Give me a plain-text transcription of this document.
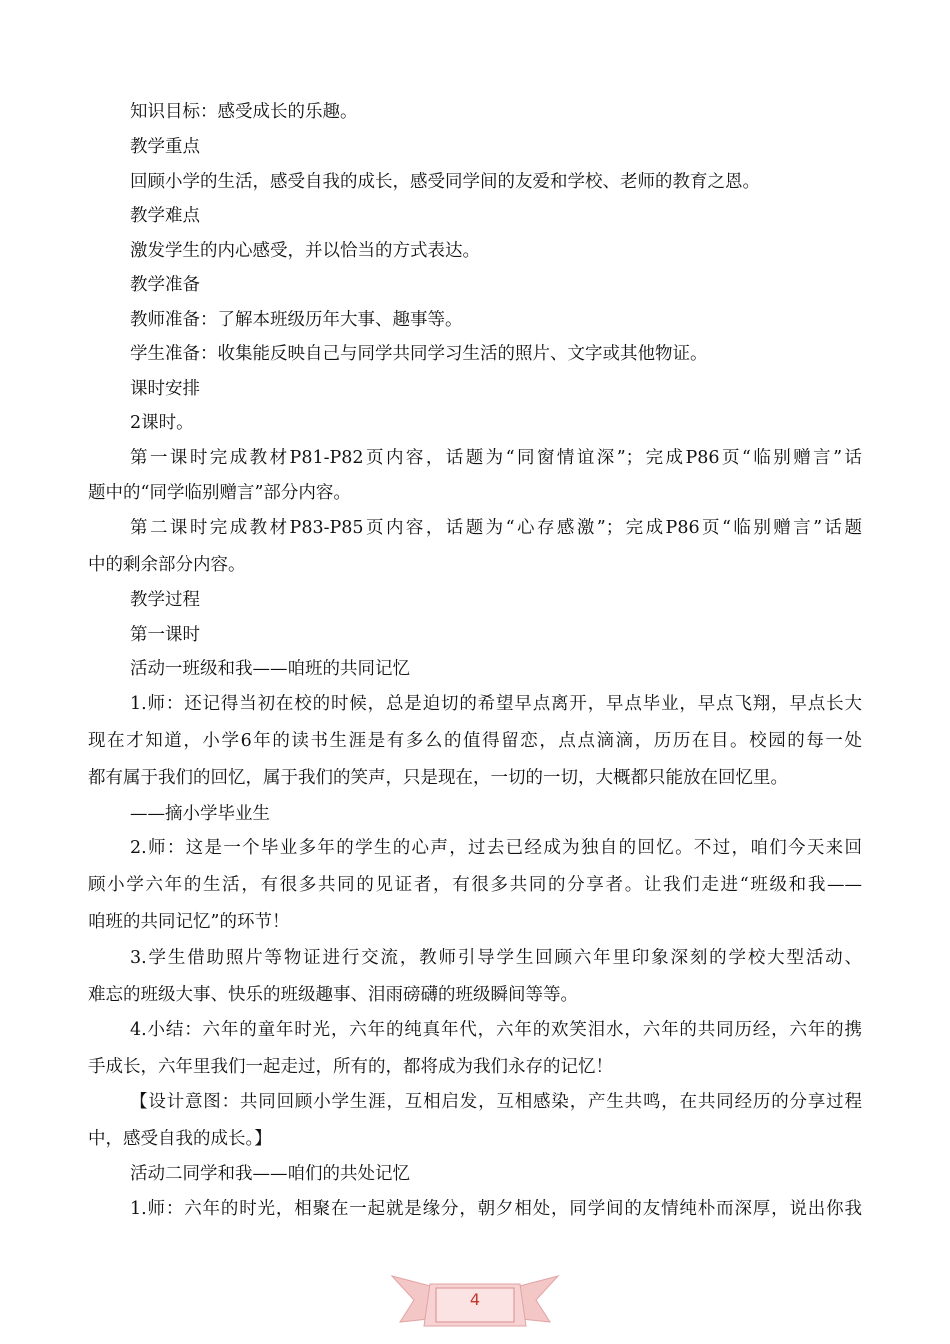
知识目标：感受成长的乐趣。
教学重点
回顾小学的生活，感受自我的成长，感受同学间的友爱和学校、老师的教育之恩。
教学难点
激发学生的内心感受，并以恰当的方式表达。
教学准备
教师准备：了解本班级历年大事、趣事等。
学生准备：收集能反映自己与同学共同学习生活的照片、文字或其他物证。
课时安排
2课时。
第一课时完成教材P81-P82页内容，话题为“同窗情谊深”；完成P86页“临别赠言”话
题中的“同学临别赠言”部分内容。
第二课时完成教材P83-P85页内容，话题为“心存感激”；完成P86页“临别赠言”话题
中的剩余部分内容。
教学过程
第一课时
活动一班级和我——咱班的共同记忆
1.师：还记得当初在校的时候，总是迫切的希望早点离开，早点毕业，早点飞翔，早点长大
现在才知道，小学6年的读书生涯是有多么的值得留恋，点点滴滴，历历在目。校园的每一处
都有属于我们的回忆，属于我们的笑声，只是现在，一切的一切，大概都只能放在回忆里。
——摘小学毕业生
2.师：这是一个毕业多年的学生的心声，过去已经成为独自的回忆。不过，咱们今天来回
顾小学六年的生活，有很多共同的见证者，有很多共同的分享者。让我们走进“班级和我——
咱班的共同记忆”的环节！
3.学生借助照片等物证进行交流，教师引导学生回顾六年里印象深刻的学校大型活动、
难忘的班级大事、快乐的班级趣事、泪雨磅礴的班级瞬间等等。
4.小结：六年的童年时光，六年的纯真年代，六年的欢笑泪水，六年的共同历经，六年的携
手成长，六年里我们一起走过，所有的，都将成为我们永存的记忆！
【设计意图：共同回顾小学生涯，互相启发，互相感染，产生共鸣，在共同经历的分享过程
中，感受自我的成长。】
活动二同学和我——咱们的共处记忆
1.师：六年的时光，相聚在一起就是缘分，朝夕相处，同学间的友情纯朴而深厚，说出你我
4
